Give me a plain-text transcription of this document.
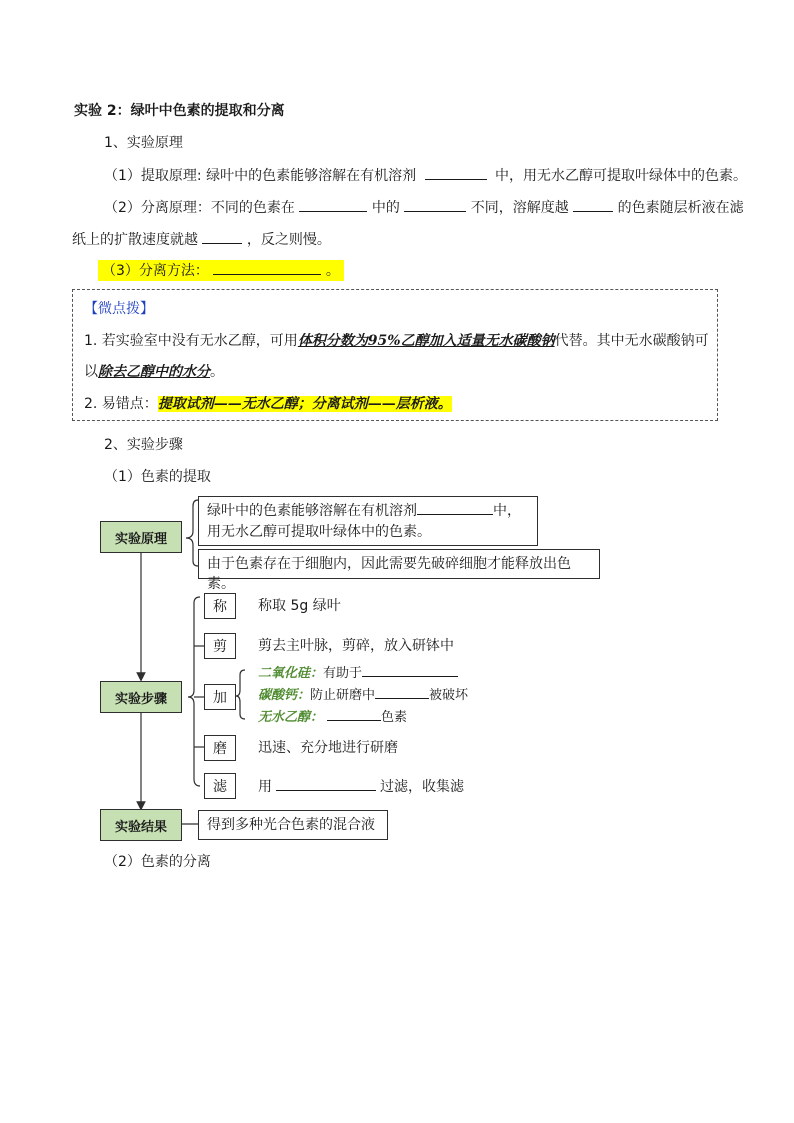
实验 2：绿叶中色素的提取和分离
1、实验原理
（1）提取原理: 绿叶中的色素能够溶解在有机溶剂	中，用无水乙醇可提取叶绿体中的色素。
（2）分离原理：不同的色素在	中的	不同，溶解度越	的色素随层析液在滤
纸上的扩散速度就越	，反之则慢。
（3）分离方法：	。
【微点拨】
1. 若实验室中没有无水乙醇，可用体积分数为95%乙醇加入适量无水碳酸钠代替。其中无水碳酸钠可
以除去乙醇中的水分。
2. 易错点：提取试剂——无水乙醇；分离试剂——层析液。
2、实验步骤
（1）色素的提取
实验原理
绿叶中的色素能够溶解在有机溶剂	中，
用无水乙醇可提取叶绿体中的色素。
由于色素存在于细胞内，因此需要先破碎细胞才能释放出色素。
实验步骤
称 称取 5g 绿叶
剪 剪去主叶脉，剪碎，放入研钵中
加
二氧化硅：有助于
碳酸钙：防止研磨中	被破坏
无水乙醇：	色素
磨 迅速、充分地进行研磨
滤 用	过滤，收集滤
实验结果	得到多种光合色素的混合液
（2）色素的分离
